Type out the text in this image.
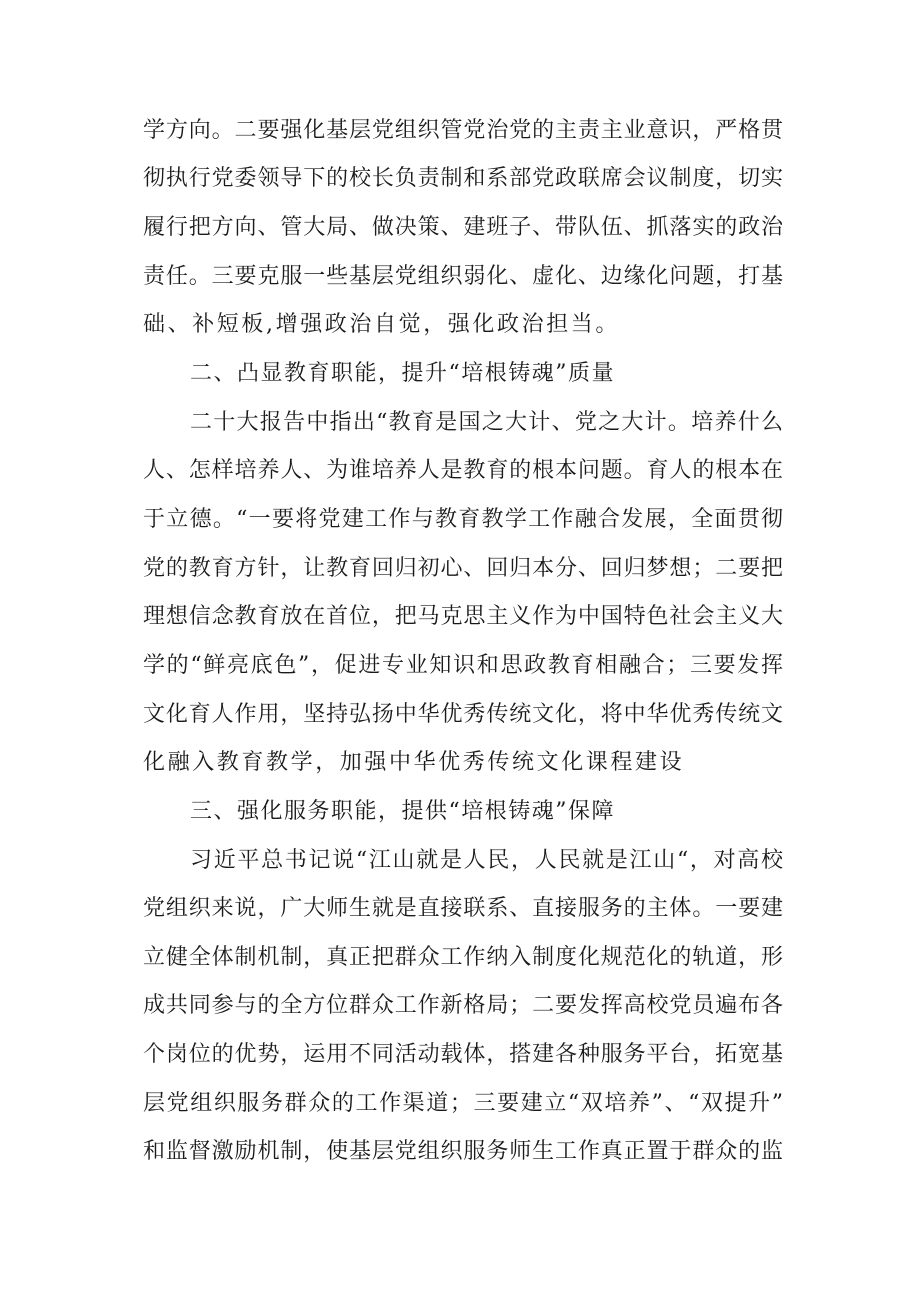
学方向。二要强化基层党组织管党治党的主责主业意识，严格贯
彻执行党委领导下的校长负责制和系部党政联席会议制度，切实
履行把方向、管大局、做决策、建班子、带队伍、抓落实的政治
责任。三要克服一些基层党组织弱化、虚化、边缘化问题，打基
础、补短板,增强政治自觉，强化政治担当。
二、凸显教育职能，提升“培根铸魂”质量
二十大报告中指出“教育是国之大计、党之大计。培养什么
人、怎样培养人、为谁培养人是教育的根本问题。育人的根本在
于立德。“一要将党建工作与教育教学工作融合发展，全面贯彻
党的教育方针，让教育回归初心、回归本分、回归梦想；二要把
理想信念教育放在首位，把马克思主义作为中国特色社会主义大
学的“鲜亮底色”，促进专业知识和思政教育相融合；三要发挥
文化育人作用，坚持弘扬中华优秀传统文化，将中华优秀传统文
化融入教育教学，加强中华优秀传统文化课程建设
三、强化服务职能，提供“培根铸魂”保障
习近平总书记说“江山就是人民，人民就是江山“，对高校
党组织来说，广大师生就是直接联系、直接服务的主体。一要建
立健全体制机制，真正把群众工作纳入制度化规范化的轨道，形
成共同参与的全方位群众工作新格局；二要发挥高校党员遍布各
个岗位的优势，运用不同活动载体，搭建各种服务平台，拓宽基
层党组织服务群众的工作渠道；三要建立“双培养”、“双提升”
和监督激励机制，使基层党组织服务师生工作真正置于群众的监
